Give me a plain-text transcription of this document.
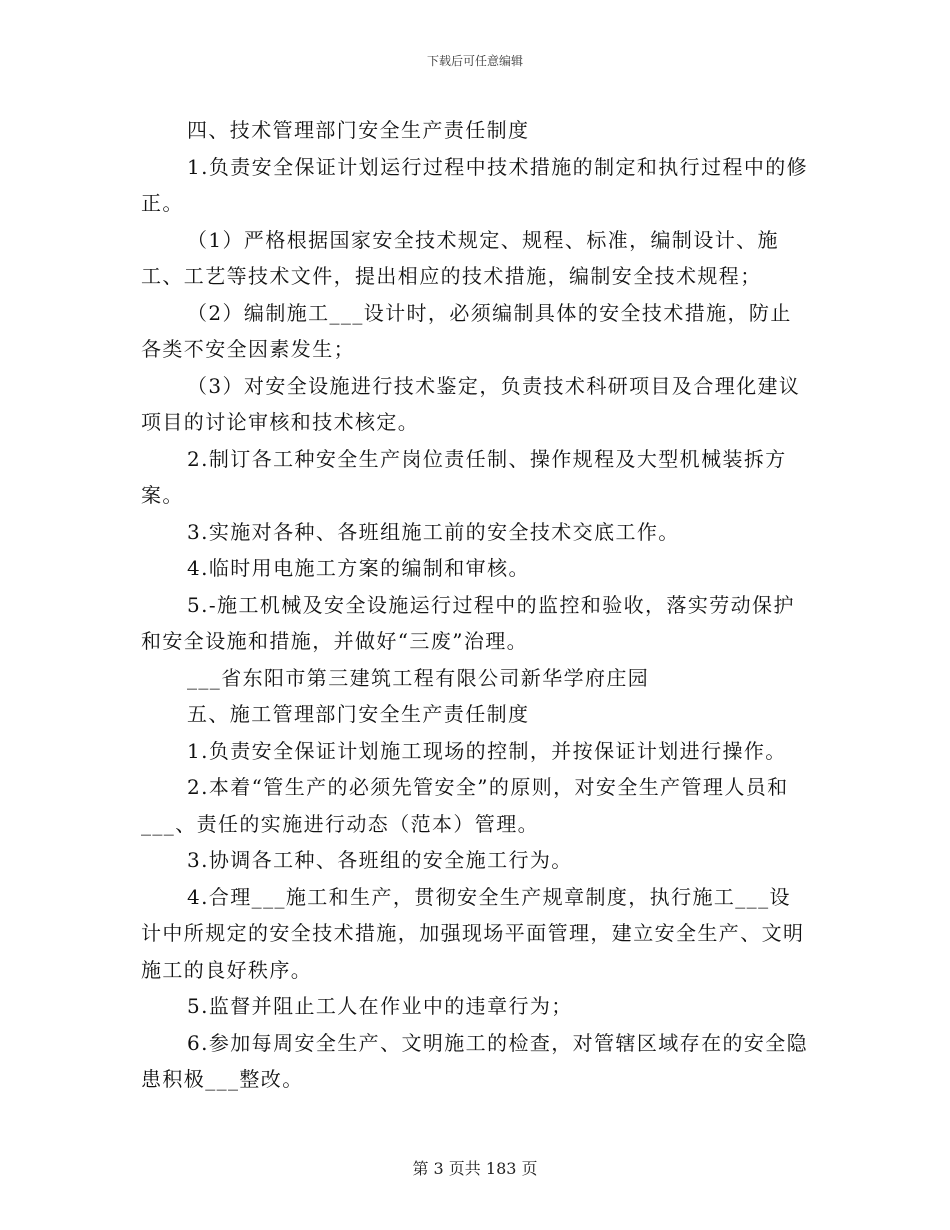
下载后可任意编辑

四、技术管理部门安全生产责任制度

1.负责安全保证计划运行过程中技术措施的制定和执行过程中的修正。

（1）严格根据国家安全技术规定、规程、标准，编制设计、施工、工艺等技术文件，提出相应的技术措施，编制安全技术规程；

（2）编制施工___设计时，必须编制具体的安全技术措施，防止各类不安全因素发生；

（3）对安全设施进行技术鉴定，负责技术科研项目及合理化建议项目的讨论审核和技术核定。

2.制订各工种安全生产岗位责任制、操作规程及大型机械装拆方案。

3.实施对各种、各班组施工前的安全技术交底工作。

4.临时用电施工方案的编制和审核。

5.-施工机械及安全设施运行过程中的监控和验收，落实劳动保护和安全设施和措施，并做好“三废”治理。

___省东阳市第三建筑工程有限公司新华学府庄园

五、施工管理部门安全生产责任制度

1.负责安全保证计划施工现场的控制，并按保证计划进行操作。

2.本着“管生产的必须先管安全”的原则，对安全生产管理人员和___、责任的实施进行动态（范本）管理。

3.协调各工种、各班组的安全施工行为。

4.合理___施工和生产，贯彻安全生产规章制度，执行施工___设计中所规定的安全技术措施，加强现场平面管理，建立安全生产、文明施工的良好秩序。

5.监督并阻止工人在作业中的违章行为；

6.参加每周安全生产、文明施工的检查，对管辖区域存在的安全隐患积极___整改。

第 3 页共 183 页
